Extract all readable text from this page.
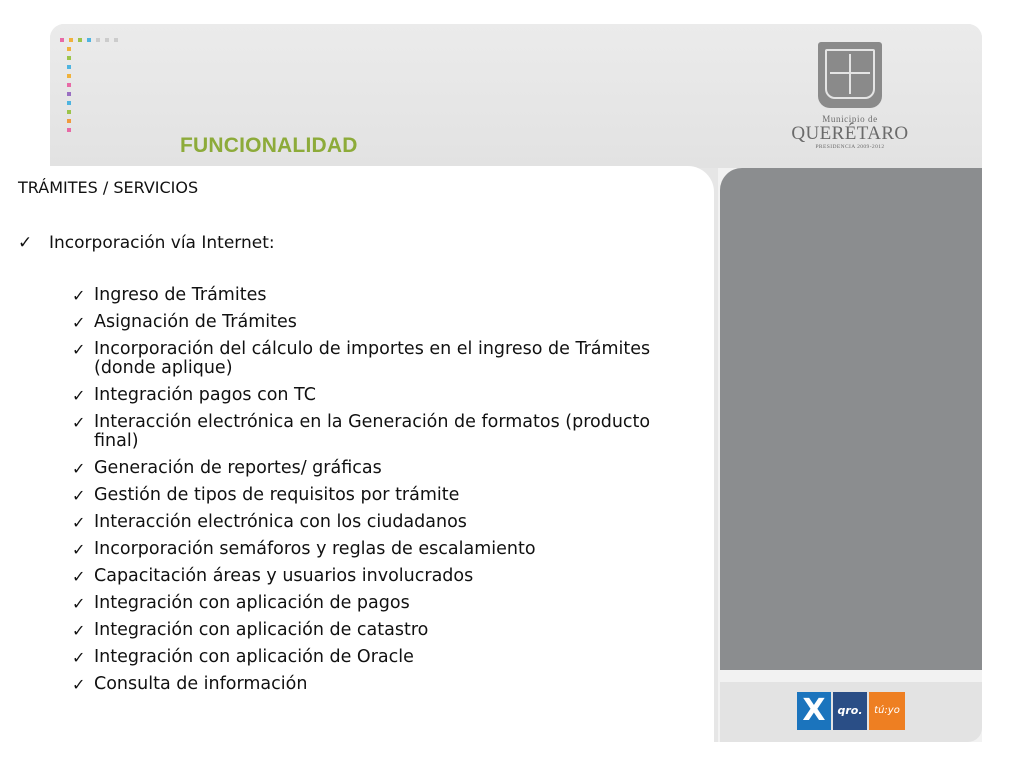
Municipio de
QUERÉTARO
PRESIDENCIA 2009-2012
FUNCIONALIDAD
TRÁMITES / SERVICIOS
✓ Incorporación vía Internet:
✓ Ingreso de Trámites
✓ Asignación de Trámites
✓ Incorporación del cálculo de importes en el ingreso de Trámites (donde aplique)
✓ Integración pagos con TC
✓ Interacción electrónica en la Generación de formatos (producto final)
✓ Generación de reportes/ gráficas
✓ Gestión de tipos de requisitos por trámite
✓ Interacción electrónica con los ciudadanos
✓ Incorporación semáforos y reglas de escalamiento
✓ Capacitación áreas y usuarios involucrados
✓ Integración con aplicación de pagos
✓ Integración con aplicación de catastro
✓ Integración con aplicación de Oracle
✓ Consulta de información
X	qro.	tú:yo
